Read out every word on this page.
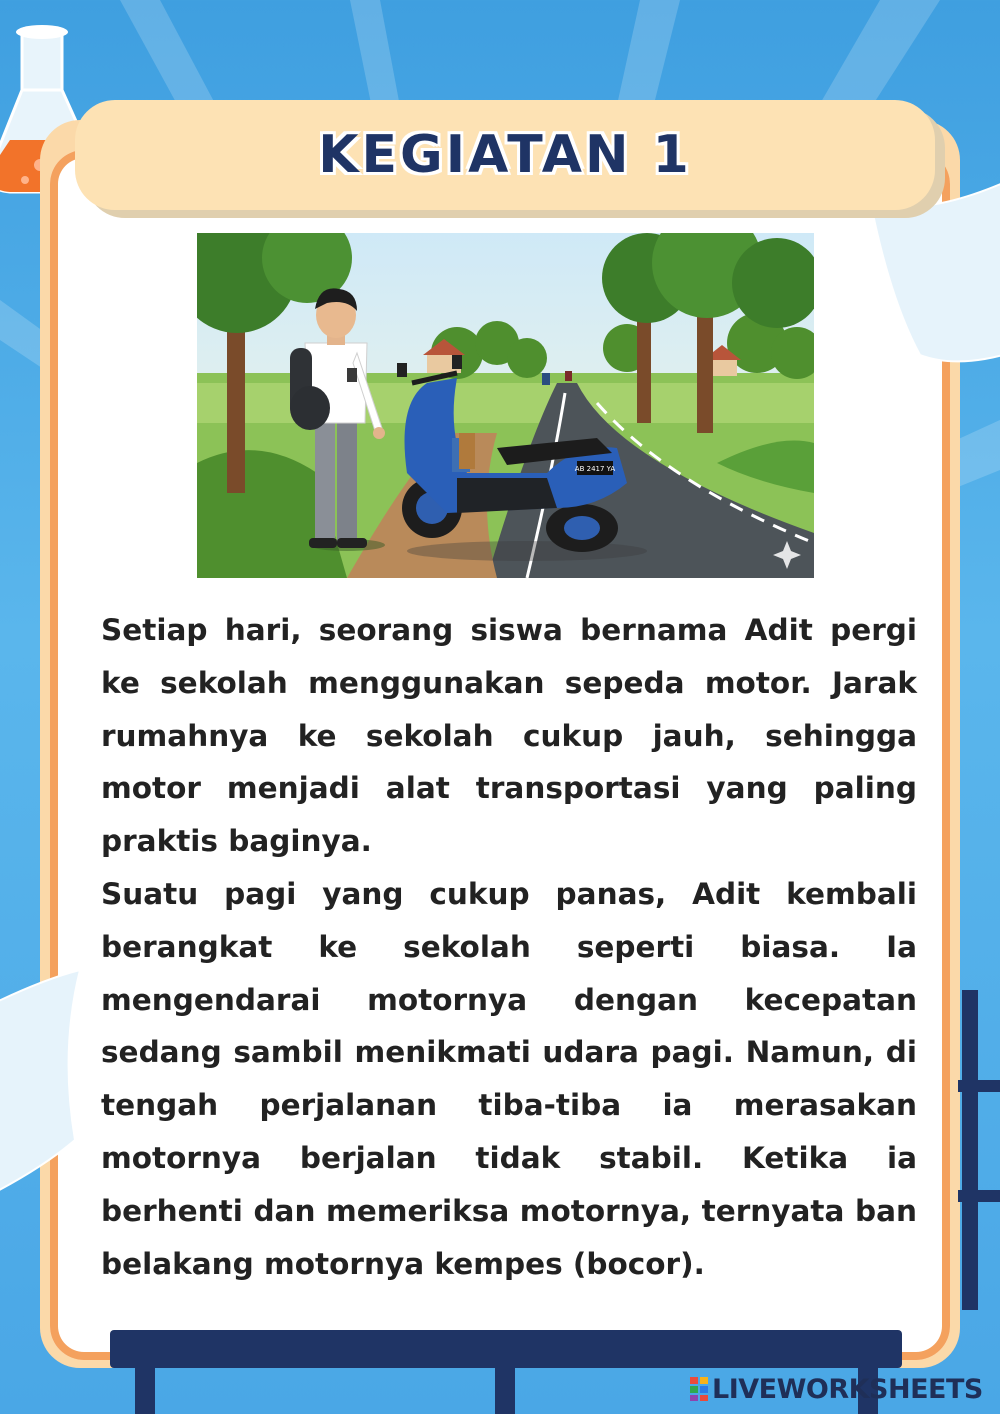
KEGIATAN 1
AB 2417 YA

Setiap hari, seorang siswa bernama Adit pergi ke sekolah menggunakan sepeda motor. Jarak rumahnya ke sekolah cukup jauh, sehingga motor menjadi alat transportasi yang paling praktis baginya.

Suatu pagi yang cukup panas, Adit kembali berangkat ke sekolah seperti biasa. Ia mengendarai motornya dengan kecepatan sedang sambil menikmati udara pagi. Namun, di tengah perjalanan tiba-tiba ia merasakan motornya berjalan tidak stabil. Ketika ia berhenti dan memeriksa motornya, ternyata ban belakang motornya kempes (bocor).

LIVEWORKSHEETS
